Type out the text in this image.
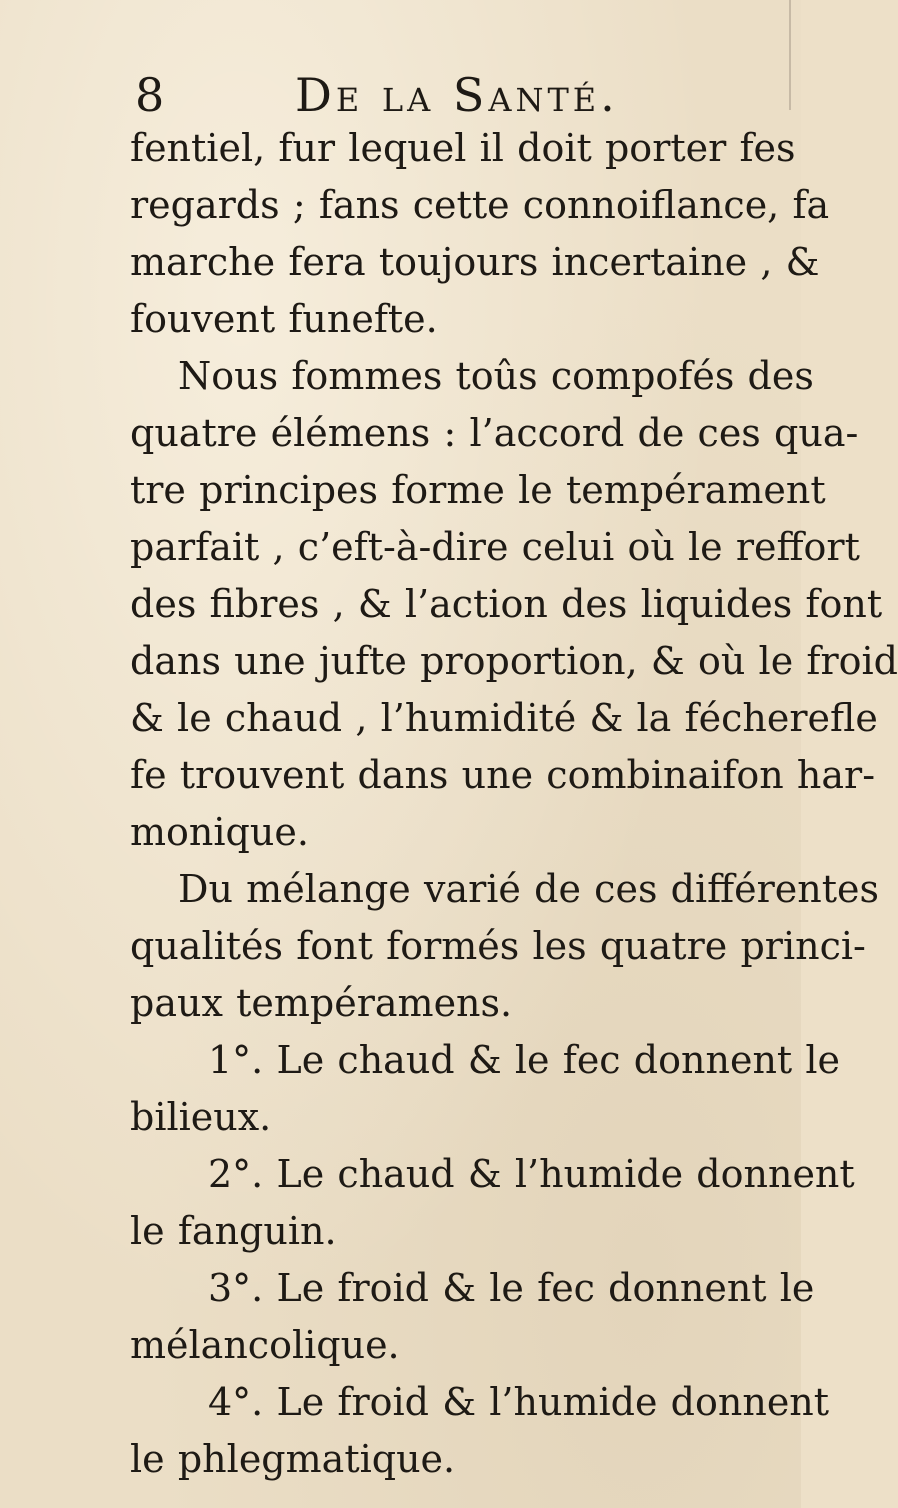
8	De la Santé.
fentiel, fur lequel il doit porter fes
regards ; fans cette connoiflance, fa
marche fera toujours incertaine , &
fouvent funefte.
Nous fommes toûs compofés des
quatre élémens : l’accord de ces qua-
tre principes forme le tempérament
parfait , c’eft-à-dire celui où le reffort
des fibres , & l’action des liquides font
dans une jufte proportion, & où le froid
& le chaud , l’humidité & la fécherefle
fe trouvent dans une combinaifon har-
monique.
Du mélange varié de ces différentes
qualités font formés les quatre princi-
paux tempéramens.
1°. Le chaud & le fec donnent le
bilieux.
2°. Le chaud & l’humide donnent
le fanguin.
3°. Le froid & le fec donnent le
mélancolique.
4°. Le froid & l’humide donnent
le phlegmatique.
